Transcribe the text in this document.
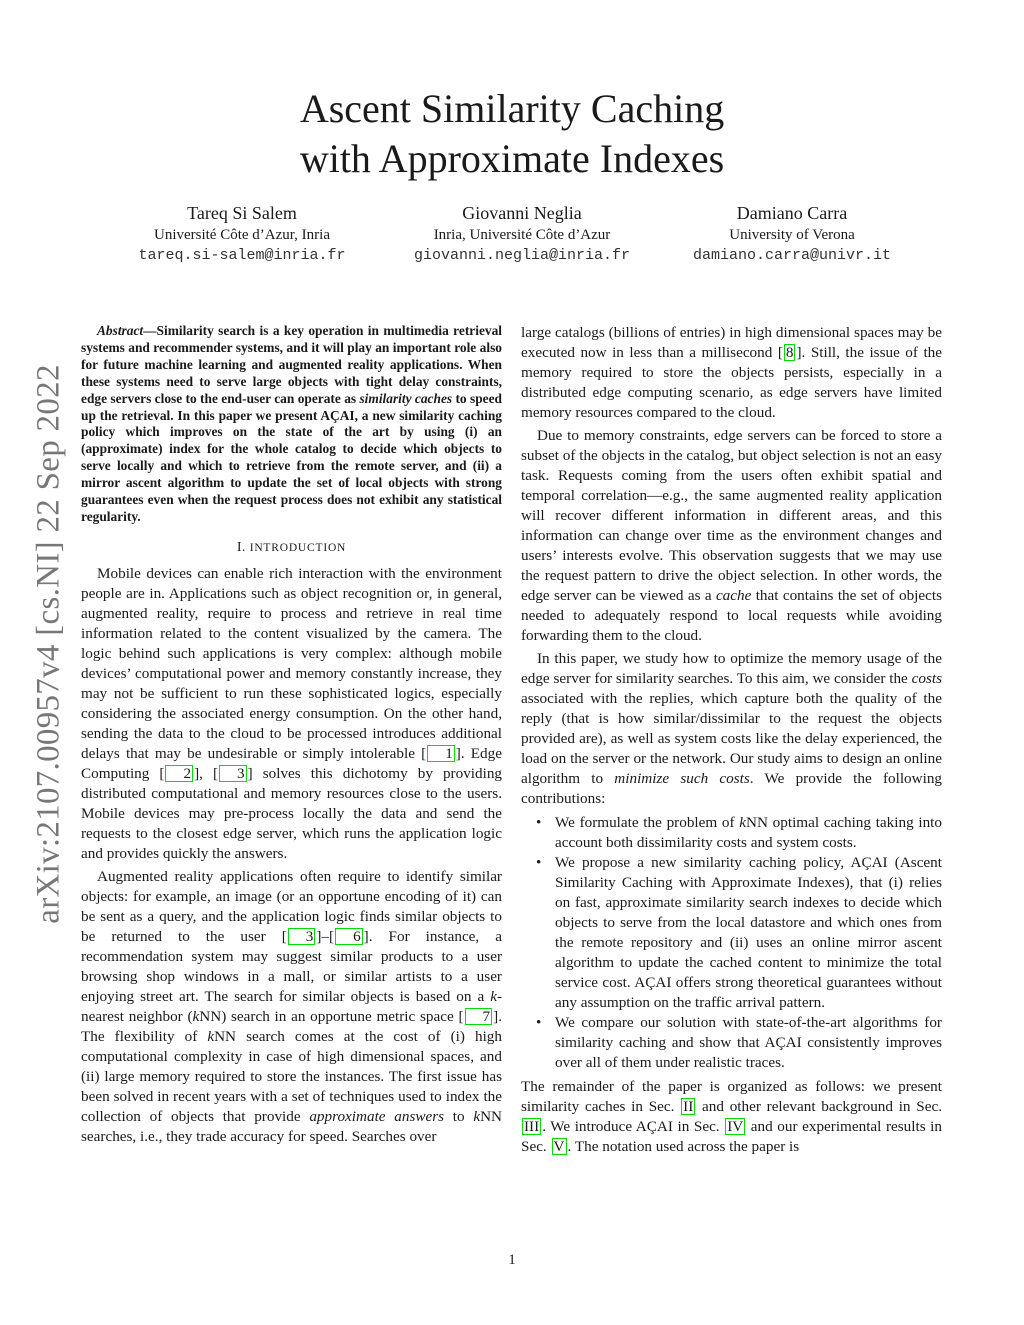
arXiv:2107.00957v4 [cs.NI] 22 Sep 2022
Ascent Similarity Caching
with Approximate Indexes
Tareq Si Salem
Université Côte d’Azur, Inria
tareq.si-salem@inria.fr
Giovanni Neglia
Inria, Université Côte d’Azur
giovanni.neglia@inria.fr
Damiano Carra
University of Verona
damiano.carra@univr.it

Abstract—Similarity search is a key operation in multimedia retrieval systems and recommender systems, and it will play an important role also for future machine learning and augmented reality applications. When these systems need to serve large objects with tight delay constraints, edge servers close to the end-user can operate as similarity caches to speed up the retrieval. In this paper we present AÇAI, a new similarity caching policy which improves on the state of the art by using (i) an (approximate) index for the whole catalog to decide which objects to serve locally and which to retrieve from the remote server, and (ii) a mirror ascent algorithm to update the set of local objects with strong guarantees even when the request process does not exhibit any statistical regularity.

I. INTRODUCTION

Mobile devices can enable rich interaction with the environment people are in. Applications such as object recognition or, in general, augmented reality, require to process and retrieve in real time information related to the content visualized by the camera. The logic behind such applications is very complex: although mobile devices’ computational power and memory constantly increase, they may not be sufficient to run these sophisticated logics, especially considering the associated energy consumption. On the other hand, sending the data to the cloud to be processed introduces additional delays that may be undesirable or simply intolerable [ 1 ]. Edge Computing [ 2 ], [ 3 ] solves this dichotomy by providing distributed computational and memory resources close to the users. Mobile devices may pre-process locally the data and send the requests to the closest edge server, which runs the application logic and provides quickly the answers.

Augmented reality applications often require to identify similar objects: for example, an image (or an opportune encoding of it) can be sent as a query, and the application logic finds similar objects to be returned to the user [ 3 ]–[ 6 ]. For instance, a recommendation system may suggest similar products to a user browsing shop windows in a mall, or similar artists to a user enjoying street art. The search for similar objects is based on a k-nearest neighbor (kNN) search in an opportune metric space [ 7 ]. The flexibility of kNN search comes at the cost of (i) high computational complexity in case of high dimensional spaces, and (ii) large memory required to store the instances. The first issue has been solved in recent years with a set of techniques used to index the collection of objects that provide approximate answers to kNN searches, i.e., they trade accuracy for speed. Searches over

large catalogs (billions of entries) in high dimensional spaces may be executed now in less than a millisecond [ 8 ]. Still, the issue of the memory required to store the objects persists, especially in a distributed edge computing scenario, as edge servers have limited memory resources compared to the cloud.

Due to memory constraints, edge servers can be forced to store a subset of the objects in the catalog, but object selection is not an easy task. Requests coming from the users often exhibit spatial and temporal correlation—e.g., the same augmented reality application will recover different information in different areas, and this information can change over time as the environment changes and users’ interests evolve. This observation suggests that we may use the request pattern to drive the object selection. In other words, the edge server can be viewed as a cache that contains the set of objects needed to adequately respond to local requests while avoiding forwarding them to the cloud.

In this paper, we study how to optimize the memory usage of the edge server for similarity searches. To this aim, we consider the costs associated with the replies, which capture both the quality of the reply (that is how similar/dissimilar to the request the objects provided are), as well as system costs like the delay experienced, the load on the server or the network. Our study aims to design an online algorithm to minimize such costs. We provide the following contributions:

• We formulate the problem of kNN optimal caching taking into account both dissimilarity costs and system costs.
• We propose a new similarity caching policy, AÇAI (Ascent Similarity Caching with Approximate Indexes), that (i) relies on fast, approximate similarity search indexes to decide which objects to serve from the local datastore and which ones from the remote repository and (ii) uses an online mirror ascent algorithm to update the cached content to minimize the total service cost. AÇAI offers strong theoretical guarantees without any assumption on the traffic arrival pattern.
• We compare our solution with state-of-the-art algorithms for similarity caching and show that AÇAI consistently improves over all of them under realistic traces.

The remainder of the paper is organized as follows: we present similarity caches in Sec. II and other relevant background in Sec. III . We introduce AÇAI in Sec. IV and our experimental results in Sec. V . The notation used across the paper is

1
